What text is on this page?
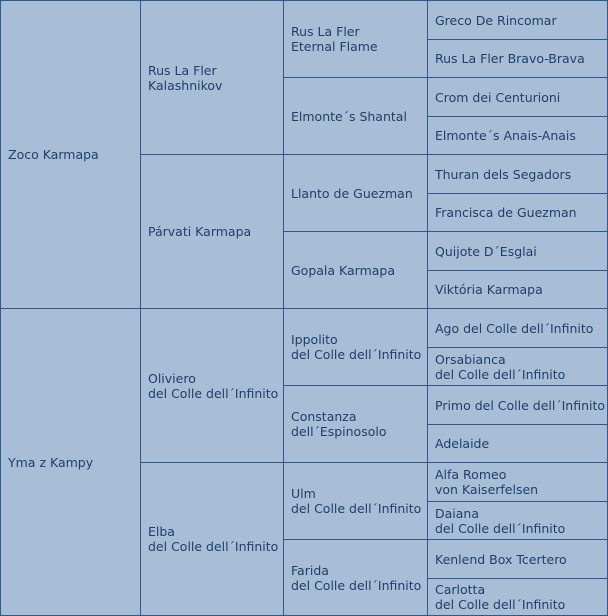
Zoco Karmapa
Yma z Kampy
Rus La Fler
Kalashnikov
Párvati Karmapa
Oliviero
del Colle dell´Infinito
Elba
del Colle dell´Infinito
Rus La Fler
Eternal Flame
Elmonte´s Shantal
Llanto de Guezman
Gopala Karmapa
Ippolito
del Colle dell´Infinito
Constanza
dell´Espinosolo
Ulm
del Colle dell´Infinito
Farida
del Colle dell´Infinito
Greco De Rincomar
Rus La Fler Bravo-Brava
Crom dei Centurioni
Elmonte´s Anais-Anais
Thuran dels Segadors
Francisca de Guezman
Quijote D´Esglai
Viktória Karmapa
Ago del Colle dell´Infinito
Orsabianca
del Colle dell´Infinito
Primo del Colle dell´Infinito
Adelaide
Alfa Romeo
von Kaiserfelsen
Daiana
del Colle dell´Infinito
Kenlend Box Tcertero
Carlotta
del Colle dell´Infinito
